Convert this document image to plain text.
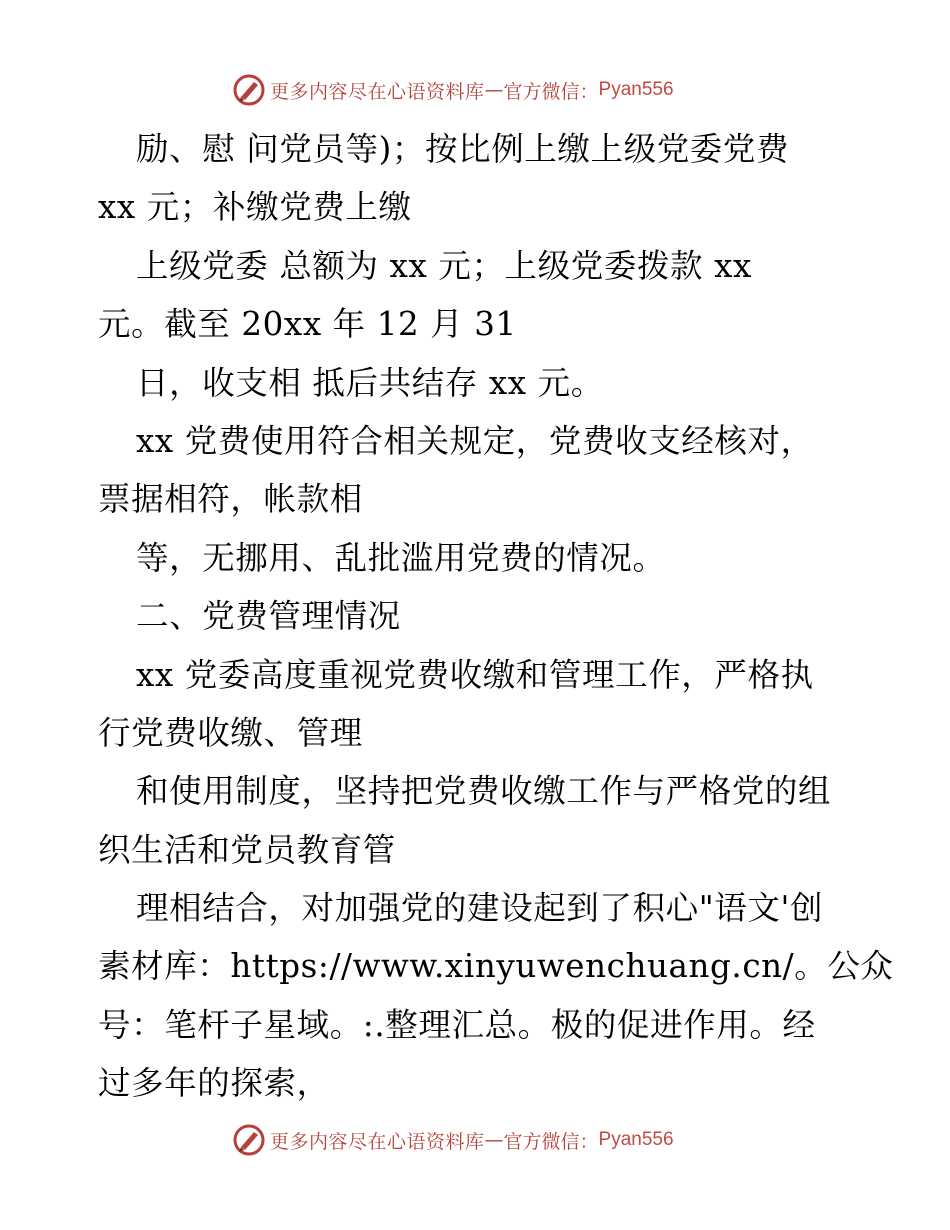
更多内容尽在心语资料库 — 官方微信： Pyan556
励、慰 问党员等)；按比例上缴上级党委党费
xx 元；补缴党费上缴
上级党委 总额为 xx 元；上级党委拨款 xx
元。截至 20xx 年 12 月 31
日，收支相 抵后共结存 xx 元。
xx 党费使用符合相关规定，党费收支经核对，
票据相符，帐款相
等，无挪用、乱批滥用党费的情况。
二、党费管理情况
xx 党委高度重视党费收缴和管理工作，严格执
行党费收缴、管理
和使用制度，坚持把党费收缴工作与严格党的组
织生活和党员教育管
理相结合，对加强党的建设起到了积心"语文'创
素材库：https://www.xinyuwenchuang.cn/。公众
号：笔杆子星域。:.整理汇总。极的促进作用。经
过多年的探索，
更多内容尽在心语资料库 — 官方微信： Pyan556
